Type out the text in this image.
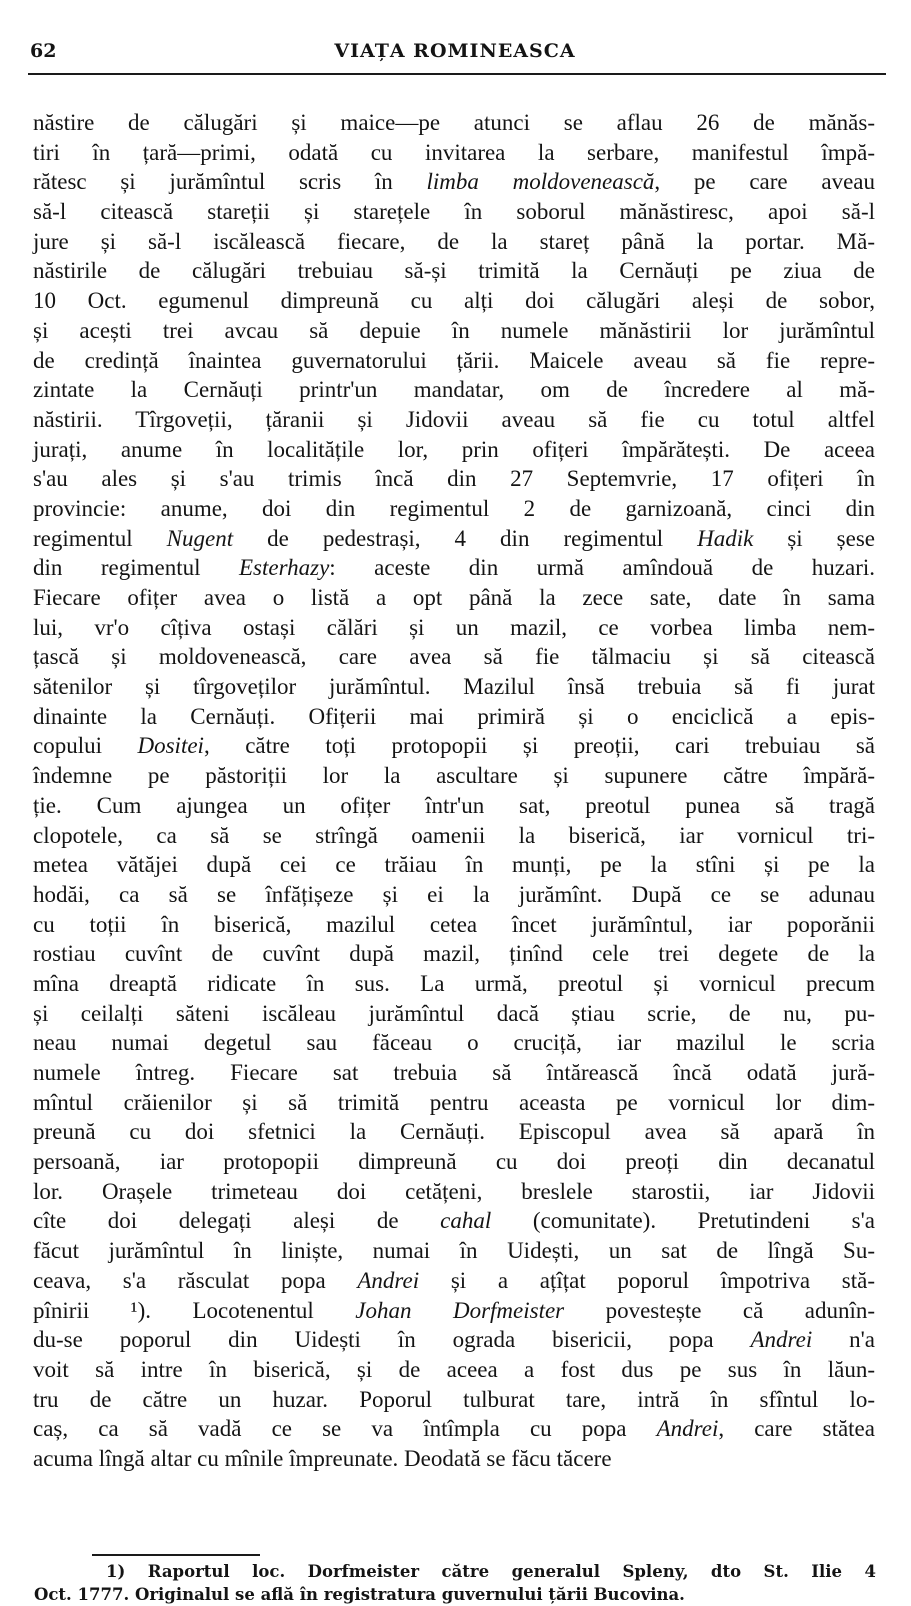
62	VIAȚA ROMINEASCA
năstire de călugări și maice—pe atunci se aflau 26 de mănăs-
tiri în țară—primi, odată cu invitarea la serbare, manifestul împă-
rătesc și jurămîntul scris în limba moldovenească, pe care aveau
să-l citească stareții și starețele în soborul mănăstiresc, apoi să-l
jure și să-l iscălească fiecare, de la stareț până la portar. Mă-
năstirile de călugări trebuiau să-și trimită la Cernăuți pe ziua de
10 Oct. egumenul dimpreună cu alți doi călugări aleși de sobor,
și acești trei avcau să depuie în numele mănăstirii lor jurămîntul
de credință înaintea guvernatorului țării. Maicele aveau să fie repre-
zintate la Cernăuți printr'un mandatar, om de încredere al mă-
năstirii. Tîrgoveții, țăranii și Jidovii aveau să fie cu totul altfel
jurați, anume în localitățile lor, prin ofițeri împărătești. De aceea
s'au ales și s'au trimis încă din 27 Septemvrie, 17 ofițeri în
provincie: anume, doi din regimentul 2 de garnizoană, cinci din
regimentul Nugent de pedestrași, 4 din regimentul Hadik și șese
din regimentul Esterhazy: aceste din urmă amîndouă de huzari.
Fiecare ofițer avea o listă a opt până la zece sate, date în sama
lui, vr'o cîțiva ostași călări și un mazil, ce vorbea limba nem-
țască și moldovenească, care avea să fie tălmaciu și să citească
sătenilor și tîrgoveților jurămîntul. Mazilul însă trebuia să fi jurat
dinainte la Cernăuți. Ofițerii mai primiră și o enciclică a epis-
copului Dositei, către toți protopopii și preoții, cari trebuiau să
îndemne pe păstoriții lor la ascultare și supunere către împără-
ție. Cum ajungea un ofițer într'un sat, preotul punea să tragă
clopotele, ca să se strîngă oamenii la biserică, iar vornicul tri-
metea vătăjei după cei ce trăiau în munți, pe la stîni și pe la
hodăi, ca să se înfățișeze și ei la jurămînt. După ce se adunau
cu toții în biserică, mazilul cetea încet jurămîntul, iar poporănii
rostiau cuvînt de cuvînt după mazil, ținînd cele trei degete de la
mîna dreaptă ridicate în sus. La urmă, preotul și vornicul precum
și ceilalți săteni iscăleau jurămîntul dacă știau scrie, de nu, pu-
neau numai degetul sau făceau o cruciță, iar mazilul le scria
numele întreg. Fiecare sat trebuia să întărească încă odată jură-
mîntul crăienilor și să trimită pentru aceasta pe vornicul lor dim-
preună cu doi sfetnici la Cernăuți. Episcopul avea să apară în
persoană, iar protopopii dimpreună cu doi preoți din decanatul
lor. Orașele trimeteau doi cetățeni, breslele starostii, iar Jidovii
cîte doi delegați aleși de cahal (comunitate). Pretutindeni s'a
făcut jurămîntul în liniște, numai în Uidești, un sat de lîngă Su-
ceava, s'a răsculat popa Andrei și a ațîțat poporul împotriva stă-
pînirii ¹). Locotenentul Johan Dorfmeister povestește că adunîn-
du-se poporul din Uidești în ograda bisericii, popa Andrei n'a
voit să intre în biserică, și de aceea a fost dus pe sus în lăun-
tru de către un huzar. Poporul tulburat tare, intră în sfîntul lo-
caș, ca să vadă ce se va întîmpla cu popa Andrei, care stătea
acuma lîngă altar cu mînile împreunate. Deodată se făcu tăcere
1) Raportul loc. Dorfmeister către generalul Spleny, dto St. Ilie 4
Oct. 1777. Originalul se află în registratura guvernului țării Bucovina.
